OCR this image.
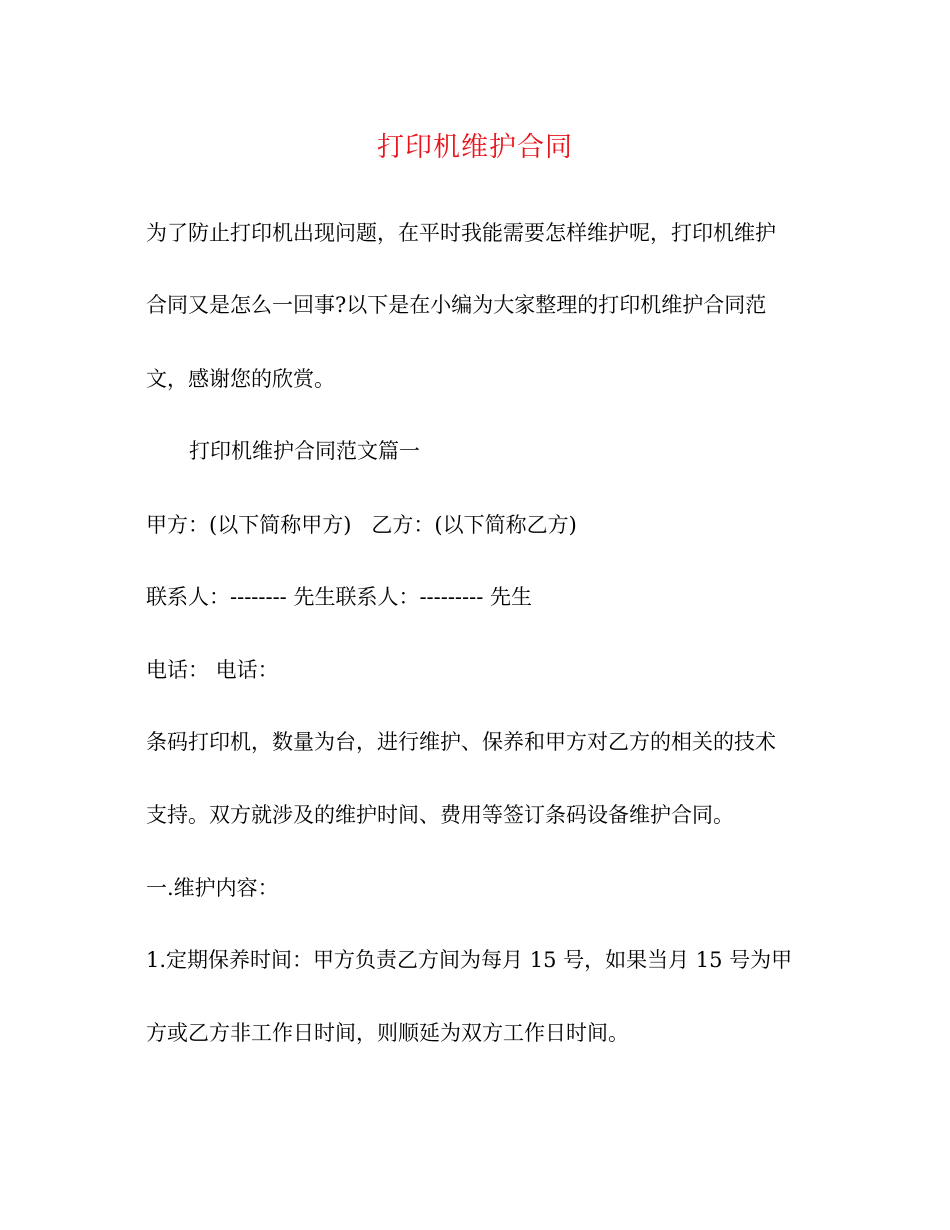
打印机维护合同
为了防止打印机出现问题，在平时我能需要怎样维护呢，打印机维护
合同又是怎么一回事?以下是在小编为大家整理的打印机维护合同范
文，感谢您的欣赏。
打印机维护合同范文篇一
甲方：(以下简称甲方)   乙方：(以下简称乙方)
联系人：-------- 先生联系人：--------- 先生
电话： 电话：
条码打印机，数量为台，进行维护、保养和甲方对乙方的相关的技术
支持。双方就涉及的维护时间、费用等签订条码设备维护合同。
一.维护内容：
1.定期保养时间：甲方负责乙方间为每月 15 号，如果当月 15 号为甲
方或乙方非工作日时间，则顺延为双方工作日时间。
